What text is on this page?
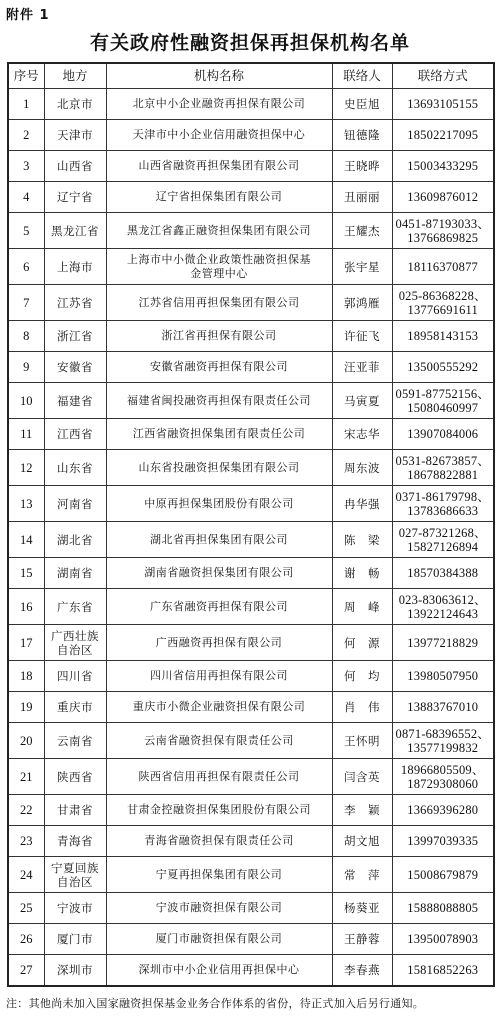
附件 1
有关政府性融资担保再担保机构名单
序号	地方	机构名称	联络人	联络方式
1	北京市	北京中小企业融资再担保有限公司	史臣旭	13693105155

2	天津市	天津市中小企业信用融资担保中心	钮德隆	18502217095

3	山西省	山西省融资再担保集团有限公司	王晓晔	15003433295

4	辽宁省	辽宁省担保集团有限公司	丑丽丽	13609876012

5	黑龙江省	黑龙江省鑫正融资担保集团有限公司	王耀杰	0451-87193033、
13766869825

6	上海市	上海市中小微企业政策性融资担保基
金管理中心	张宇星	18116370877

7	江苏省	江苏省信用再担保集团有限公司	郭鸿雁	025-86368228、
13776691611

8	浙江省	浙江省再担保有限公司	许征飞	18958143153

9	安徽省	安徽省融资再担保有限公司	汪亚菲	13500555292

10	福建省	福建省闽投融资再担保有限责任公司	马寅夏	0591-87752156、
15080460997

11	江西省	江西省融资担保集团有限责任公司	宋志华	13907084006

12	山东省	山东省投融资担保集团有限公司	周东波	0531-82673857、
18678822881

13	河南省	中原再担保集团股份有限公司	冉华强	0371-86179798、
13783686633

14	湖北省	湖北省再担保集团有限公司	陈　梁	027-87321268、
15827126894

15	湖南省	湖南省融资担保集团有限公司	谢　畅	18570384388

16	广东省	广东省融资再担保有限公司	周　峰	023-83063612、
13922124643

17	广西壮族
自治区	广西融资再担保有限公司	何　源	13977218829

18	四川省	四川省信用再担保有限公司	何　均	13980507950

19	重庆市	重庆市小微企业融资担保有限公司	肖　伟	13883767010

20	云南省	云南省融资担保有限责任公司	王怀明	0871-68396552、
13577199832

21	陕西省	陕西省信用再担保有限责任公司	闫含英	18966805509、
18729308060

22	甘肃省	甘肃金控融资担保集团股份有限公司	李　颖	13669396280

23	青海省	青海省融资担保有限责任公司	胡文旭	13997039335

24	宁夏回族
自治区	宁夏再担保集团有限公司	常　萍	15008679879

25	宁波市	宁波市融资担保有限公司	杨葵亚	15888088805

26	厦门市	厦门市融资担保有限公司	王静蓉	13950078903

27	深圳市	深圳市中小企业信用再担保中心	李春燕	15816852263
注：其他尚未加入国家融资担保基金业务合作体系的省份，待正式加入后另行通知。
